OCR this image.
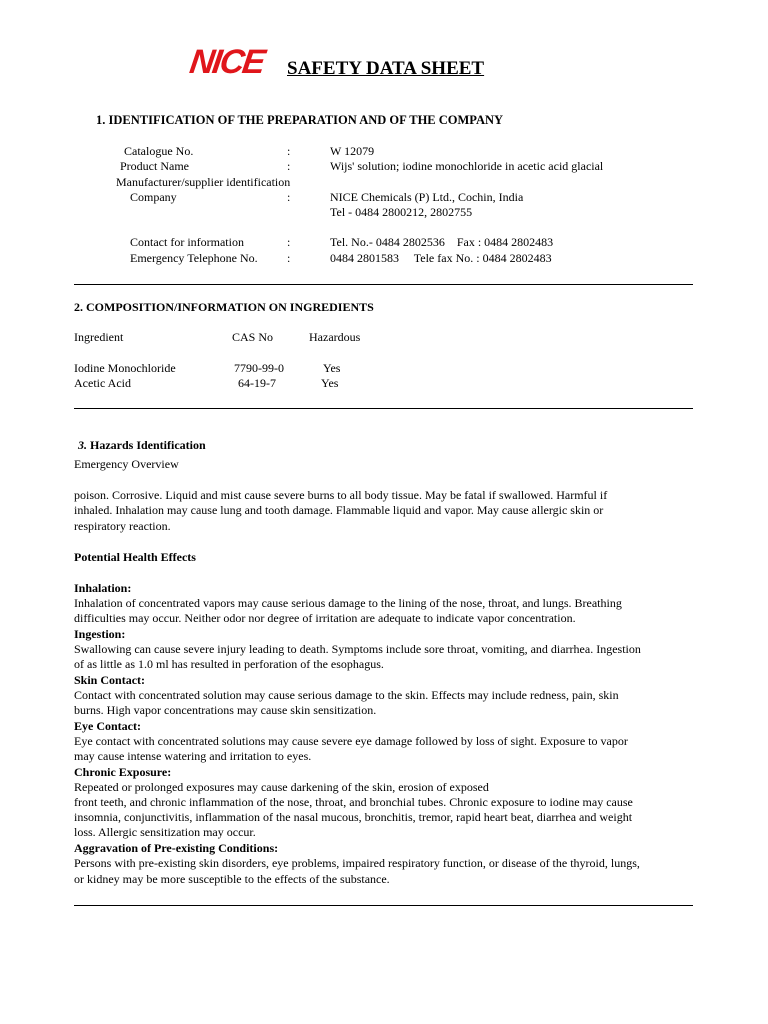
NICE SAFETY DATA SHEET
1. IDENTIFICATION OF THE PREPARATION AND OF THE COMPANY
Catalogue No.	:	W 12079
Product Name	:	Wijs' solution; iodine monochloride in acetic acid glacial
Manufacturer/supplier identification
Company	:	NICE Chemicals (P) Ltd., Cochin, India
Tel - 0484 2800212, 2802755
Contact for information	:	Tel. No.- 0484 2802536    Fax : 0484 2802483
Emergency Telephone No. :	0484 2801583     Tele fax No. : 0484 2802483
2. COMPOSITION/INFORMATION ON INGREDIENTS
Ingredient	CAS No	Hazardous
Iodine Monochloride	7790-99-0	Yes
Acetic Acid	64-19-7	Yes
3. Hazards Identification
Emergency Overview
poison. Corrosive. Liquid and mist cause severe burns to all body tissue. May be fatal if swallowed. Harmful if
inhaled. Inhalation may cause lung and tooth damage. Flammable liquid and vapor. May cause allergic skin or
respiratory reaction.
Potential Health Effects
Inhalation:
Inhalation of concentrated vapors may cause serious damage to the lining of the nose, throat, and lungs. Breathing
difficulties may occur. Neither odor nor degree of irritation are adequate to indicate vapor concentration.
Ingestion:
Swallowing can cause severe injury leading to death. Symptoms include sore throat, vomiting, and diarrhea. Ingestion
of as little as 1.0 ml has resulted in perforation of the esophagus.
Skin Contact:
Contact with concentrated solution may cause serious damage to the skin. Effects may include redness, pain, skin
burns. High vapor concentrations may cause skin sensitization.
Eye Contact:
Eye contact with concentrated solutions may cause severe eye damage followed by loss of sight. Exposure to vapor
may cause intense watering and irritation to eyes.
Chronic Exposure:
Repeated or prolonged exposures may cause darkening of the skin, erosion of exposed
front teeth, and chronic inflammation of the nose, throat, and bronchial tubes. Chronic exposure to iodine may cause
insomnia, conjunctivitis, inflammation of the nasal mucous, bronchitis, tremor, rapid heart beat, diarrhea and weight
loss. Allergic sensitization may occur.
Aggravation of Pre-existing Conditions:
Persons with pre-existing skin disorders, eye problems, impaired respiratory function, or disease of the thyroid, lungs,
or kidney may be more susceptible to the effects of the substance.
